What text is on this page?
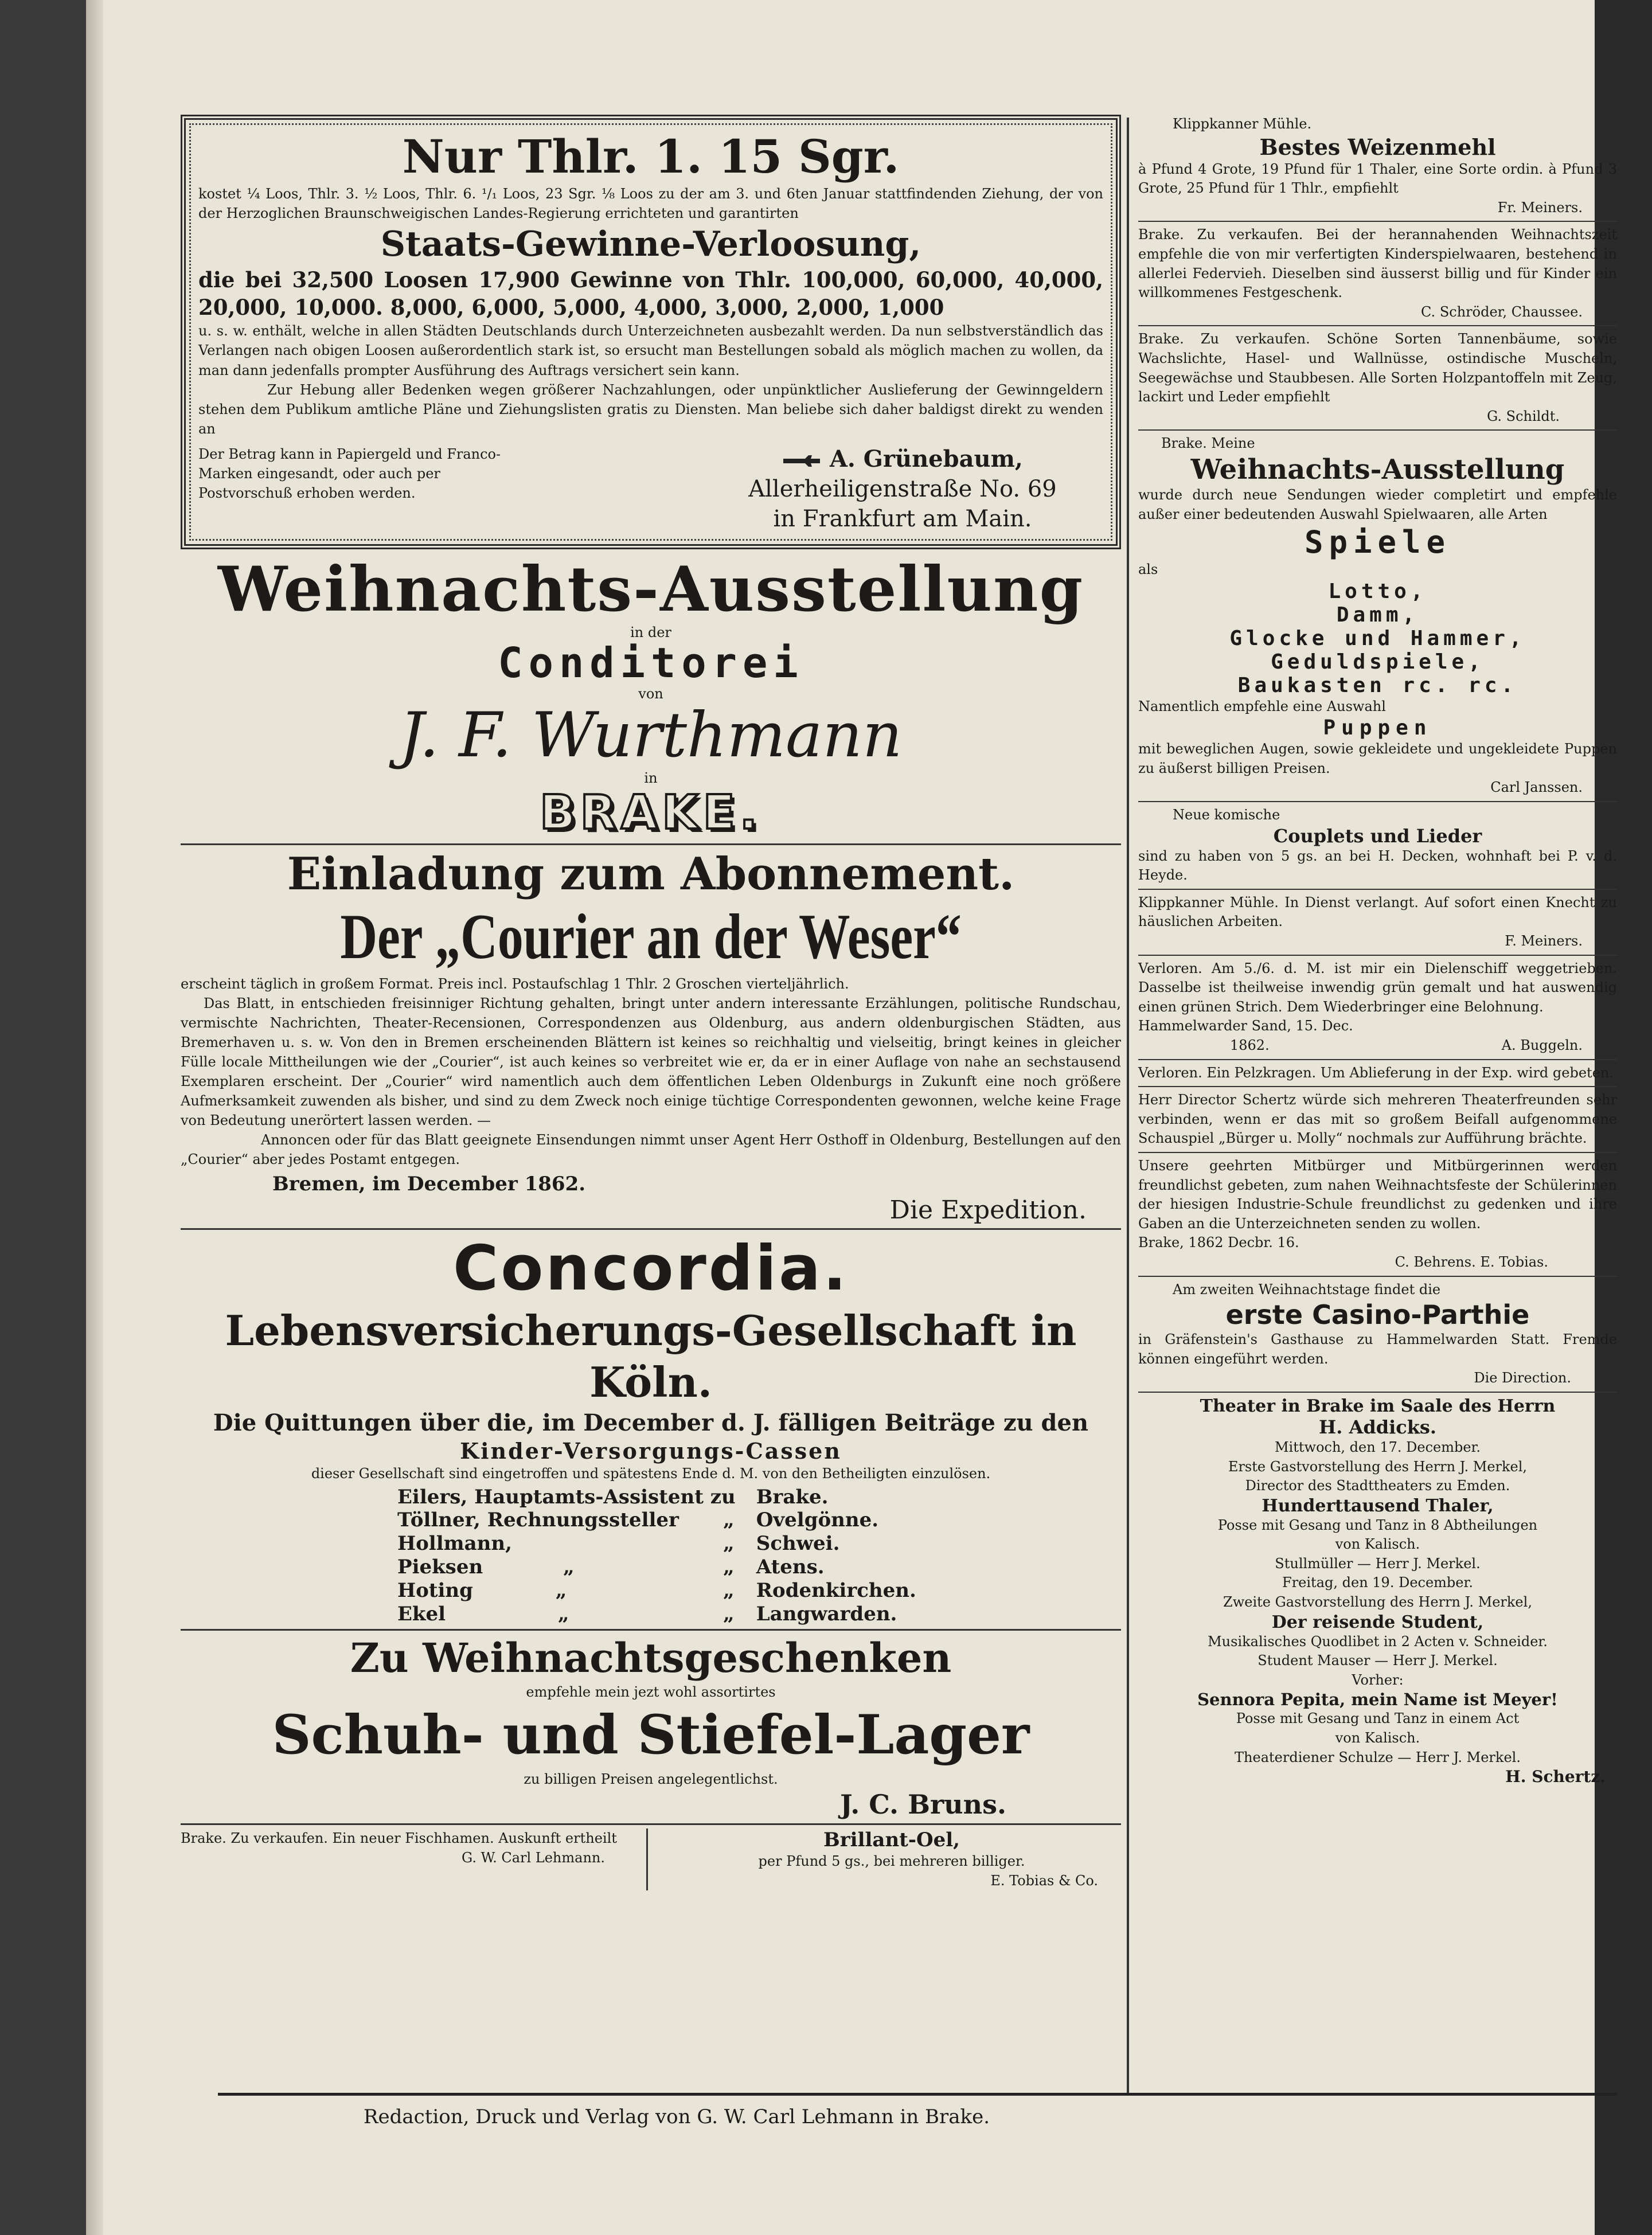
Nur Thlr. 1. 15 Sgr.
kostet ¼ Loos, Thlr. 3. ½ Loos, Thlr. 6. ¹/₁ Loos, 23 Sgr. ⅛ Loos zu der am 3. und 6ten Januar stattfindenden Ziehung, der von der Herzoglichen Braunschweigischen Landes-Regierung errichteten und garantirten
Staats-Gewinne-Verloosung,
die bei 32,500 Loosen 17,900 Gewinne von Thlr. 100,000, 60,000, 40,000, 20,000, 10,000. 8,000, 6,000, 5,000, 4,000, 3,000, 2,000, 1,000
u. s. w. enthält, welche in allen Städten Deutschlands durch Unterzeichneten ausbezahlt werden. Da nun selbstverständlich das Verlangen nach obigen Loosen außerordentlich stark ist, so ersucht man Bestellungen sobald als möglich machen zu wollen, da man dann jedenfalls prompter Ausführung des Auftrags versichert sein kann.
Zur Hebung aller Bedenken wegen größerer Nachzahlungen, oder unpünktlicher Auslieferung der Gewinngeldern stehen dem Publikum amtliche Pläne und Ziehungslisten gratis zu Diensten. Man beliebe sich daher baldigst direkt zu wenden an
Der Betrag kann in Papiergeld und Franco-Marken eingesandt, oder auch per Postvorschuß erhoben werden.
A. Grünebaum,
Allerheiligenstraße No. 69
in Frankfurt am Main.
Weihnachts-Ausstellung
in der
Conditorei
von
J. F. Wurthmann
in
BRAKE.
Einladung zum Abonnement.
Der „Courier an der Weser“
erscheint täglich in großem Format. Preis incl. Postaufschlag 1 Thlr. 2 Groschen vierteljährlich.
Das Blatt, in entschieden freisinniger Richtung gehalten, bringt unter andern interessante Erzählungen, politische Rundschau, vermischte Nachrichten, Theater-Recensionen, Correspondenzen aus Oldenburg, aus andern oldenburgischen Städten, aus Bremerhaven u. s. w. Von den in Bremen erscheinenden Blättern ist keines so reichhaltig und vielseitig, bringt keines in gleicher Fülle locale Mittheilungen wie der „Courier“, ist auch keines so verbreitet wie er, da er in einer Auflage von nahe an sechstausend Exemplaren erscheint. Der „Courier“ wird namentlich auch dem öffentlichen Leben Oldenburgs in Zukunft eine noch größere Aufmerksamkeit zuwenden als bisher, und sind zu dem Zweck noch einige tüchtige Correspondenten gewonnen, welche keine Frage von Bedeutung unerörtert lassen werden. —
Annoncen oder für das Blatt geeignete Einsendungen nimmt unser Agent Herr Osthoff in Oldenburg, Bestellungen auf den „Courier“ aber jedes Postamt entgegen.
Bremen, im December 1862.
Die Expedition.
Concordia.
Lebensversicherungs-Gesellschaft in Köln.
Die Quittungen über die, im December d. J. fälligen Beiträge zu den
Kinder-Versorgungs-Cassen
dieser Gesellschaft sind eingetroffen und spätestens Ende d. M. von den Betheiligten einzulösen.
Eilers, Hauptamts-Assistent zu		Brake.
Töllner, Rechnungssteller	„	Ovelgönne.
Hollmann,	„	Schwei.
Pieksen „	„	Atens.
Hoting „	„	Rodenkirchen.
Ekel „	„	Langwarden.
Zu Weihnachtsgeschenken
empfehle mein jezt wohl assortirtes
Schuh- und Stiefel-Lager
zu billigen Preisen angelegentlichst.
J. C. Bruns.
Brake. Zu verkaufen. Ein neuer Fischhamen. Auskunft ertheilt
G. W. Carl Lehmann.
Brillant-Oel,
per Pfund 5 gs., bei mehreren billiger.
E. Tobias & Co.
Redaction, Druck und Verlag von G. W. Carl Lehmann in Brake.
Klippkanner Mühle.
Bestes Weizenmehl
à Pfund 4 Grote, 19 Pfund für 1 Thaler, eine Sorte ordin. à Pfund 3 Grote, 25 Pfund für 1 Thlr., empfiehlt
Fr. Meiners.
Brake. Zu verkaufen. Bei der herannahenden Weihnachtszeit empfehle die von mir verfertigten Kinderspielwaaren, bestehend in allerlei Federvieh. Dieselben sind äusserst billig und für Kinder ein willkommenes Festgeschenk.
C. Schröder, Chaussee.
Brake. Zu verkaufen. Schöne Sorten Tannenbäume, sowie Wachslichte, Hasel- und Wallnüsse, ostindische Muscheln, Seegewächse und Staubbesen. Alle Sorten Holzpantoffeln mit Zeug, lackirt und Leder empfiehlt
G. Schildt.
Brake. Meine
Weihnachts-Ausstellung
wurde durch neue Sendungen wieder completirt und empfehle außer einer bedeutenden Auswahl Spielwaaren, alle Arten
Spiele
als
Lotto,
Damm,
Glocke und Hammer,
Geduldspiele,
Baukasten rc. rc.
Namentlich empfehle eine Auswahl
Puppen
mit beweglichen Augen, sowie gekleidete und ungekleidete Puppen zu äußerst billigen Preisen.
Carl Janssen.
Neue komische
Couplets und Lieder
sind zu haben von 5 gs. an bei H. Decken, wohnhaft bei P. v. d. Heyde.
Klippkanner Mühle. In Dienst verlangt. Auf sofort einen Knecht zu häuslichen Arbeiten.
F. Meiners.
Verloren. Am 5./6. d. M. ist mir ein Dielenschiff weggetrieben. Dasselbe ist theilweise inwendig grün gemalt und hat auswendig einen grünen Strich. Dem Wiederbringer eine Belohnung.
Hammelwarder Sand, 15. Dec.
1862.	A. Buggeln.
Verloren. Ein Pelzkragen. Um Ablieferung in der Exp. wird gebeten.
Herr Director Schertz würde sich mehreren Theaterfreunden sehr verbinden, wenn er das mit so großem Beifall aufgenommene Schauspiel „Bürger u. Molly“ nochmals zur Aufführung brächte.
Unsere geehrten Mitbürger und Mitbürgerinnen werden freundlichst gebeten, zum nahen Weihnachtsfeste der Schülerinnen der hiesigen Industrie-Schule freundlichst zu gedenken und ihre Gaben an die Unterzeichneten senden zu wollen.
Brake, 1862 Decbr. 16.
C. Behrens. E. Tobias.
Am zweiten Weihnachtstage findet die
erste Casino-Parthie
in Gräfenstein's Gasthause zu Hammelwarden Statt. Fremde können eingeführt werden.
Die Direction.
Theater in Brake im Saale des Herrn
H. Addicks.
Mittwoch, den 17. December.
Erste Gastvorstellung des Herrn J. Merkel,
Director des Stadttheaters zu Emden.
Hunderttausend Thaler,
Posse mit Gesang und Tanz in 8 Abtheilungen
von Kalisch.
Stullmüller — Herr J. Merkel.
Freitag, den 19. December.
Zweite Gastvorstellung des Herrn J. Merkel,
Der reisende Student,
Musikalisches Quodlibet in 2 Acten v. Schneider.
Student Mauser — Herr J. Merkel.
Vorher:
Sennora Pepita, mein Name ist Meyer!
Posse mit Gesang und Tanz in einem Act
von Kalisch.
Theaterdiener Schulze — Herr J. Merkel.
H. Schertz.
